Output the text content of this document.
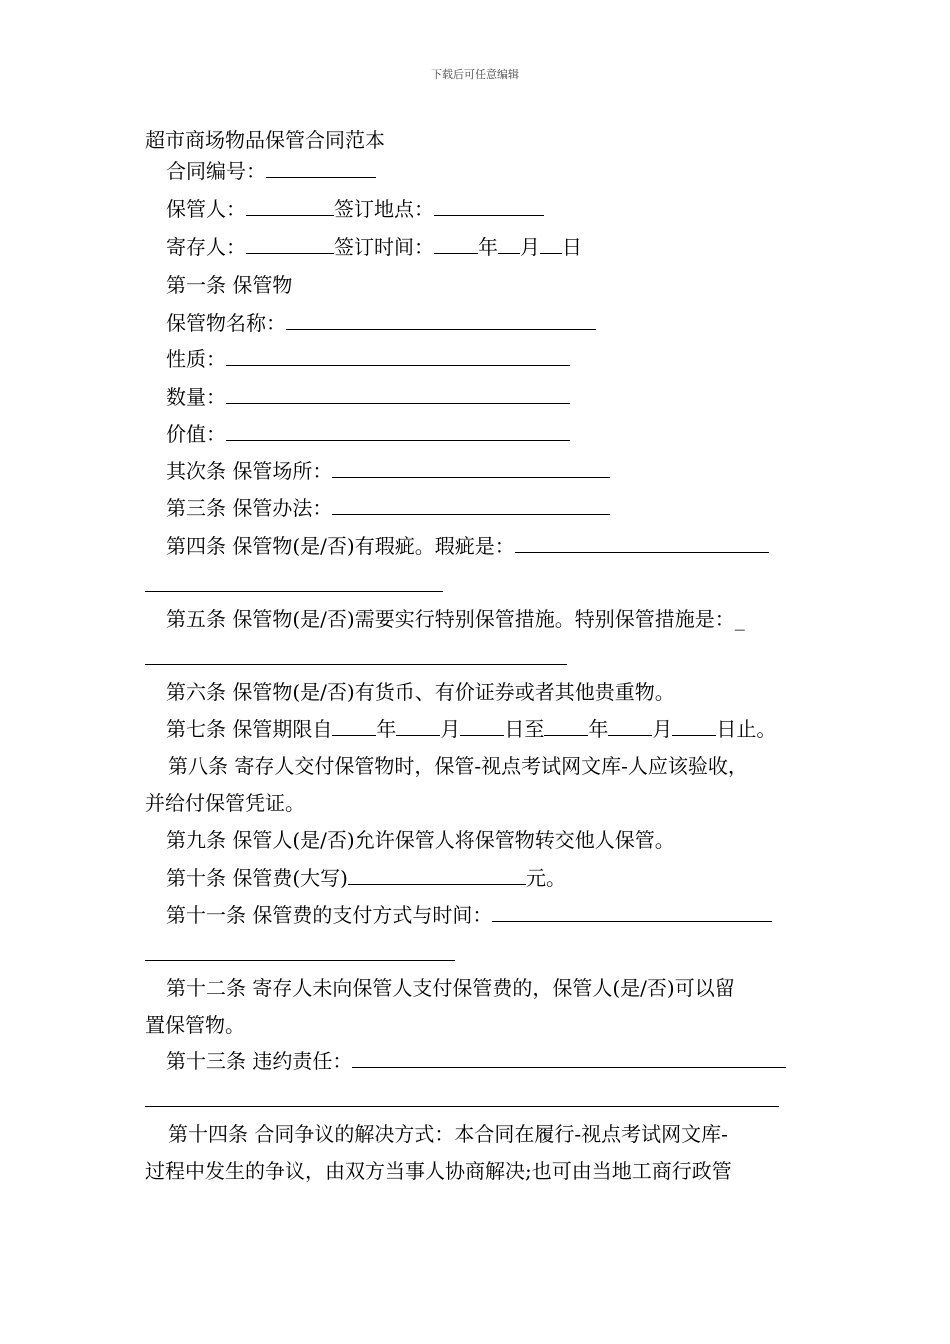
下载后可任意编辑
超市商场物品保管合同范本
合同编号：
保管人：	签订地点：
寄存人：	签订时间： 年 月 日
第一条 保管物
保管物名称：
性质：
数量：
价值：
其次条 保管场所：
第三条 保管办法：
第四条 保管物(是/否)有瑕疵。瑕疵是：
第五条 保管物(是/否)需要实行特别保管措施。特别保管措施是：_
第六条 保管物(是/否)有货币、有价证券或者其他贵重物。
第七条 保管期限自 年 月 日至 年 月 日止。
第八条 寄存人交付保管物时，保管-视点考试网文库-人应该验收，
并给付保管凭证。
第九条 保管人(是/否)允许保管人将保管物转交他人保管。
第十条 保管费(大写)	元。
第十一条 保管费的支付方式与时间：
第十二条 寄存人未向保管人支付保管费的，保管人(是/否)可以留
置保管物。
第十三条 违约责任：
第十四条 合同争议的解决方式：本合同在履行-视点考试网文库-
过程中发生的争议，由双方当事人协商解决;也可由当地工商行政管
